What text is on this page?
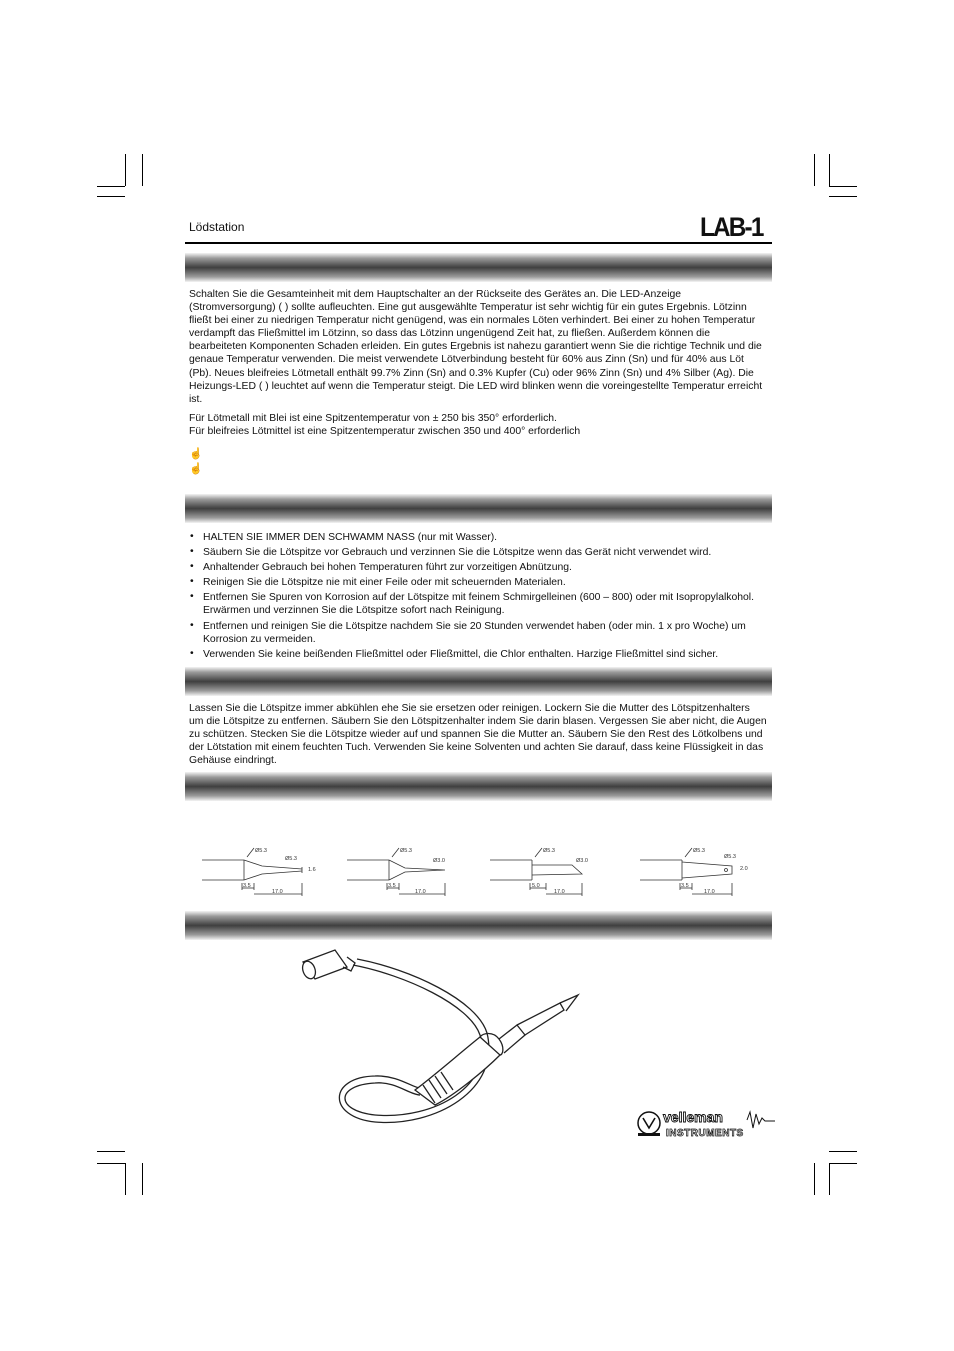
Lödstation	LAB-1

Schalten Sie die Gesamteinheit mit dem Hauptschalter an der Rückseite des Gerätes an. Die LED-Anzeige (Stromversorgung) ( ) sollte aufleuchten. Eine gut ausgewählte Temperatur ist sehr wichtig für ein gutes Ergebnis. Lötzinn fließt bei einer zu niedrigen Temperatur nicht genügend, was ein normales Löten verhindert. Bei einer zu hohen Temperatur verdampft das Fließmittel im Lötzinn, so dass das Lötzinn ungenügend Zeit hat, zu fließen. Außerdem können die bearbeiteten Komponenten Schaden erleiden. Ein gutes Ergebnis ist nahezu garantiert wenn Sie die richtige Technik und die genaue Temperatur verwenden. Die meist verwendete Lötverbindung besteht für 60% aus Zinn (Sn) und für 40% aus Löt (Pb). Neues bleifreies Lötmetall enthält 99.7% Zinn (Sn) and 0.3% Kupfer (Cu) oder 96% Zinn (Sn) und 4% Silber (Ag). Die Heizungs-LED ( ) leuchtet auf wenn die Temperatur steigt. Die LED wird blinken wenn die voreingestellte Temperatur erreicht ist.

Für Lötmetall mit Blei ist eine Spitzentemperatur von ± 250 bis 350° erforderlich.

Für bleifreies Lötmittel ist eine Spitzentemperatur zwischen 350 und 400° erforderlich

☝
☝
• HALTEN SIE IMMER DEN SCHWAMM NASS (nur mit Wasser).
• Säubern Sie die Lötspitze vor Gebrauch und verzinnen Sie die Lötspitze wenn das Gerät nicht verwendet wird.
• Anhaltender Gebrauch bei hohen Temperaturen führt zur vorzeitigen Abnützung.
• Reinigen Sie die Lötspitze nie mit einer Feile oder mit scheuernden Materialen.
• Entfernen Sie Spuren von Korrosion auf der Lötspitze mit feinem Schmirgelleinen (600 – 800) oder mit Isopropylalkohol. Erwärmen und verzinnen Sie die Lötspitze sofort nach Reinigung.
• Entfernen und reinigen Sie die Lötspitze nachdem Sie sie 20 Stunden verwendet haben (oder min. 1 x pro Woche) um Korrosion zu vermeiden.
• Verwenden Sie keine beißenden Fließmittel oder Fließmittel, die Chlor enthalten. Harzige Fließmittel sind sicher.

Lassen Sie die Lötspitze immer abkühlen ehe Sie sie ersetzen oder reinigen. Lockern Sie die Mutter des Lötspitzenhalters um die Lötspitze zu entfernen. Säubern Sie den Lötspitzenhalter indem Sie darin blasen. Vergessen Sie aber nicht, die Augen zu schützen. Stecken Sie die Lötspitze wieder auf und spannen Sie die Mutter an. Säubern Sie den Rest des Lötkolbens und der Lötstation mit einem feuchten Tuch. Verwenden Sie keine Solventen und achten Sie darauf, dass keine Flüssigkeit in das Gehäuse eindringt.

Ø5.3
Ø5.3
1.6
3.5
17.0
Ø5.3
Ø3.0
3.5
17.0
Ø5.3
Ø3.0
5.0
17.0
Ø5.3
Ø5.3
2.0
3.5
17.0
velleman
INSTRUMENTS
